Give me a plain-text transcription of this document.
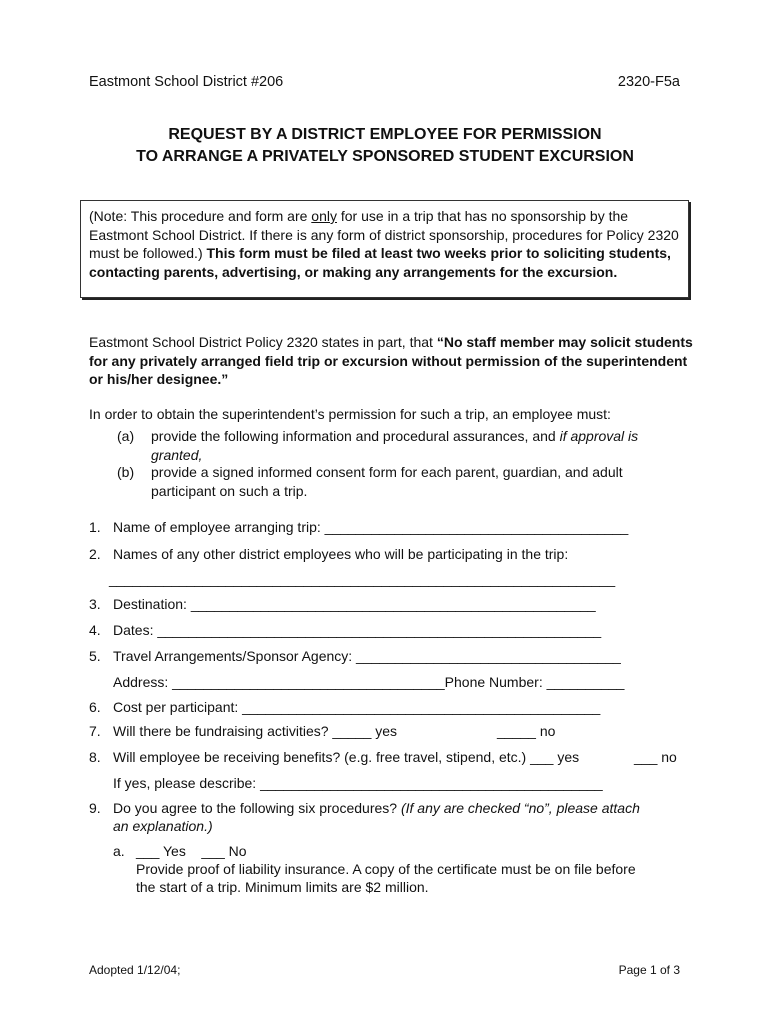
Eastmont School District #206	2320-F5a
REQUEST BY A DISTRICT EMPLOYEE FOR PERMISSION
TO ARRANGE A PRIVATELY SPONSORED STUDENT EXCURSION
(Note: This procedure and form are only for use in a trip that has no sponsorship by the Eastmont School District. If there is any form of district sponsorship, procedures for Policy 2320 must be followed.) This form must be filed at least two weeks prior to soliciting students, contacting parents, advertising, or making any arrangements for the excursion.
Eastmont School District Policy 2320 states in part, that “No staff member may solicit students for any privately arranged field trip or excursion without permission of the superintendent or his/her designee.”
In order to obtain the superintendent’s permission for such a trip, an employee must:
(a) provide the following information and procedural assurances, and if approval is granted,
(b) provide a signed informed consent form for each parent, guardian, and adult participant on such a trip.
1. Name of employee arranging trip: _______________________________________
2. Names of any other district employees who will be participating in the trip:
_________________________________________________________________
3. Destination: ____________________________________________________
4. Dates: _________________________________________________________
5. Travel Arrangements/Sponsor Agency: __________________________________
Address: ___________________________________Phone Number: __________
6. Cost per participant: ______________________________________________
7. Will there be fundraising activities? _____ yes	_____ no
8. Will employee be receiving benefits? (e.g. free travel, stipend, etc.) ___ yes	___ no
If yes, please describe: ____________________________________________
9. Do you agree to the following six procedures? (If any are checked “no”, please attach an explanation.)
a. ___ Yes    ___ No
Provide proof of liability insurance. A copy of the certificate must be on file before the start of a trip. Minimum limits are $2 million.
Adopted 1/12/04;	Page 1 of 3
